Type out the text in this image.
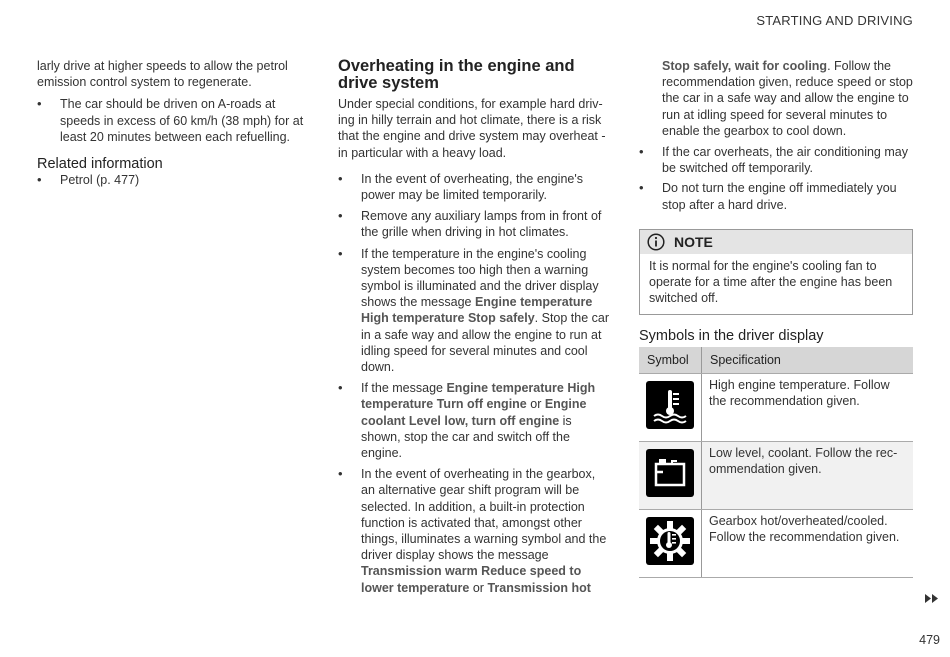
STARTING AND DRIVING

larly drive at higher speeds to allow the petrol emission control system to regenerate.

• The car should be driven on A-roads at speeds in excess of 60 km/h (38 mph) for at least 20 minutes between each refuelling.

Related information

• Petrol (p. 477)

Overheating in the engine and drive system

Under special conditions, for example hard driv-ing in hilly terrain and hot climate, there is a risk that the engine and drive system may overheat - in particular with a heavy load.

• In the event of overheating, the engine's power may be limited temporarily.
• Remove any auxiliary lamps from in front of the grille when driving in hot climates.
• If the temperature in the engine's cooling system becomes too high then a warning symbol is illuminated and the driver display shows the message Engine temperature High temperature Stop safely. Stop the car in a safe way and allow the engine to run at idling speed for several minutes and cool down.
• If the message Engine temperature High temperature Turn off engine or Engine coolant Level low, turn off engine is shown, stop the car and switch off the engine.
• In the event of overheating in the gearbox, an alternative gear shift program will be selected. In addition, a built-in protection function is activated that, amongst other things, illuminates a warning symbol and the driver display shows the message Transmission warm Reduce speed to lower temperature or Transmission hot

Stop safely, wait for cooling. Follow the recommendation given, reduce speed or stop the car in a safe way and allow the engine to run at idling speed for several minutes to enable the gearbox to cool down.

• If the car overheats, the air conditioning may be switched off temporarily.
• Do not turn the engine off immediately you stop after a hard drive.
NOTE

It is normal for the engine's cooling fan to operate for a time after the engine has been switched off.

Symbols in the driver display

Symbol	Specification

	High engine temperature. Follow the recommendation given.

	Low level, coolant. Follow the rec-ommendation given.

	Gearbox hot/overheated/cooled. Follow the recommendation given.
479
